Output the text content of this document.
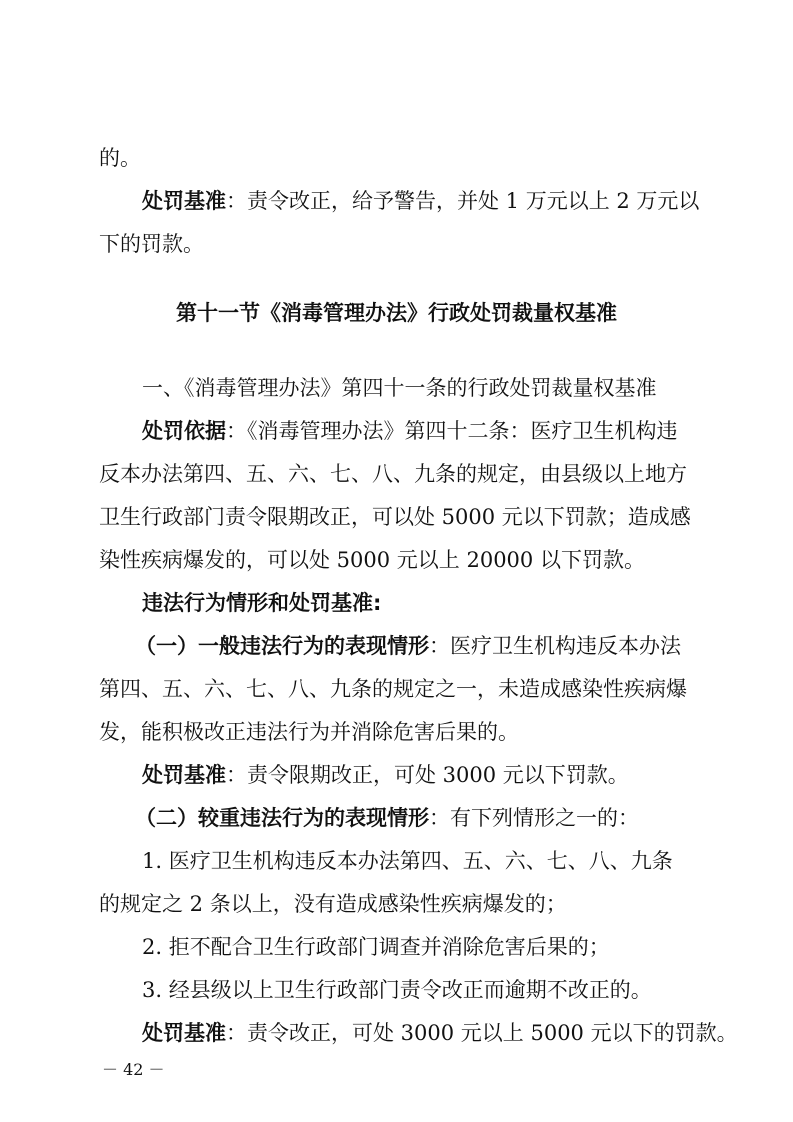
的。

处罚基准：责令改正，给予警告，并处 1 万元以上 2 万元以

下的罚款。

第十一节《消毒管理办法》行政处罚裁量权基准

一、《消毒管理办法》第四十一条的行政处罚裁量权基准

处罚依据：《消毒管理办法》第四十二条：医疗卫生机构违

反本办法第四、五、六、七、八、九条的规定，由县级以上地方

卫生行政部门责令限期改正，可以处 5000 元以下罚款；造成感

染性疾病爆发的，可以处 5000 元以上 20000 以下罚款。

违法行为情形和处罚基准:

（一）一般违法行为的表现情形：医疗卫生机构违反本办法

第四、五、六、七、八、九条的规定之一，未造成感染性疾病爆

发，能积极改正违法行为并消除危害后果的。

处罚基准：责令限期改正，可处 3000 元以下罚款。

（二）较重违法行为的表现情形：有下列情形之一的：

1. 医疗卫生机构违反本办法第四、五、六、七、八、九条

的规定之 2 条以上，没有造成感染性疾病爆发的；

2. 拒不配合卫生行政部门调查并消除危害后果的；

3. 经县级以上卫生行政部门责令改正而逾期不改正的。

处罚基准：责令改正，可处 3000 元以上 5000 元以下的罚款。

－ 42 －
